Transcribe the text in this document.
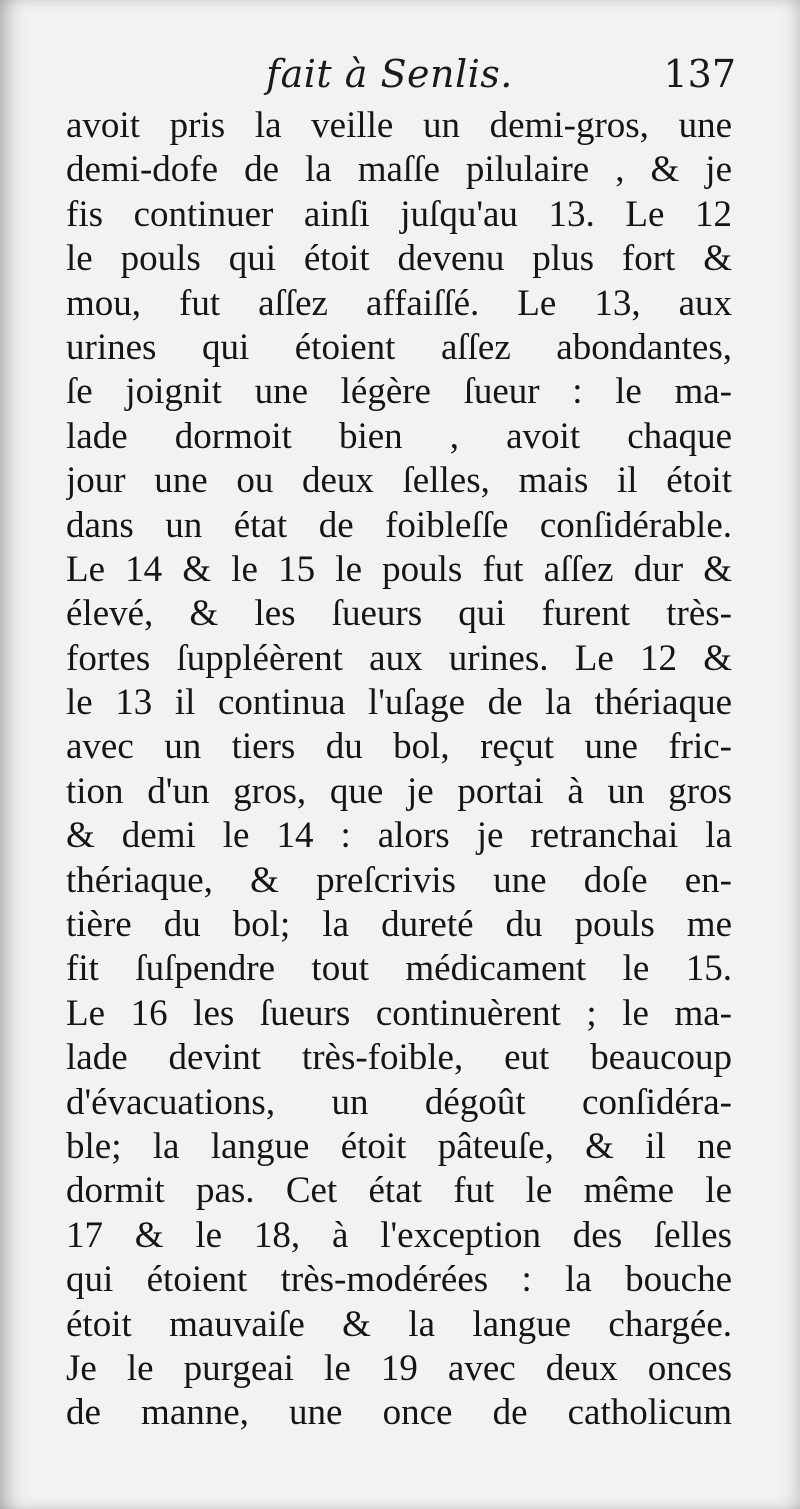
fait à Senlis.	137
avoit pris la veille un demi-gros, une
demi-dofe de la maſſe pilulaire , & je
fis continuer ainſi juſqu'au 13. Le 12
le pouls qui étoit devenu plus fort &
mou, fut aſſez affaiſſé. Le 13, aux
urines qui étoient aſſez abondantes,
ſe joignit une légère ſueur : le ma-
lade dormoit bien , avoit chaque
jour une ou deux ſelles, mais il étoit
dans un état de foibleſſe conſidérable.
Le 14 & le 15 le pouls fut aſſez dur &
élevé, & les ſueurs qui furent très-
fortes ſuppléèrent aux urines. Le 12 &
le 13 il continua l'uſage de la thériaque
avec un tiers du bol, reçut une fric-
tion d'un gros, que je portai à un gros
& demi le 14 : alors je retranchai la
thériaque, & preſcrivis une doſe en-
tière du bol; la dureté du pouls me
fit ſuſpendre tout médicament le 15.
Le 16 les ſueurs continuèrent ; le ma-
lade devint très-foible, eut beaucoup
d'évacuations, un dégoût conſidéra-
ble; la langue étoit pâteuſe, & il ne
dormit pas. Cet état fut le même le
17 & le 18, à l'exception des ſelles
qui étoient très-modérées : la bouche
étoit mauvaiſe & la langue chargée.
Je le purgeai le 19 avec deux onces
de manne, une once de catholicum
